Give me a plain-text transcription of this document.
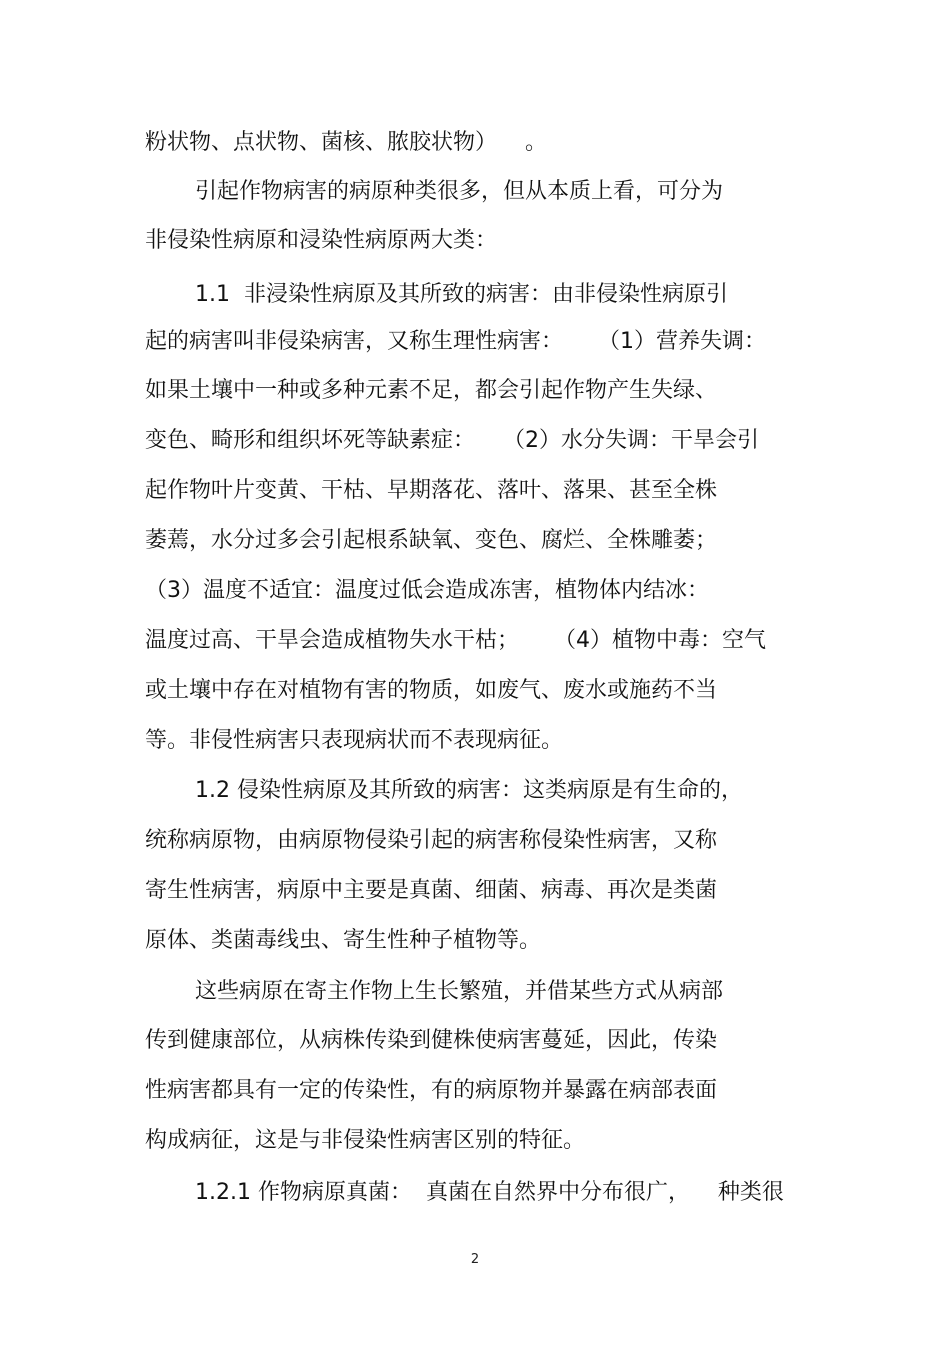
粉状物、点状物、菌核、脓胶状物）    。
引起作物病害的病原种类很多，但从本质上看，可分为
非侵染性病原和浸染性病原两大类：
1.1  非浸染性病原及其所致的病害：由非侵染性病原引
起的病害叫非侵染病害，又称生理性病害：     （1）营养失调：
如果土壤中一种或多种元素不足，都会引起作物产生失绿、
变色、畸形和组织坏死等缺素症：    （2）水分失调：干旱会引
起作物叶片变黄、干枯、早期落花、落叶、落果、甚至全株
萎蔫，水分过多会引起根系缺氧、变色、腐烂、全株雕萎；
（3）温度不适宜：温度过低会造成冻害，植物体内结冰：
温度过高、干旱会造成植物失水干枯；     （4）植物中毒：空气
或土壤中存在对植物有害的物质，如废气、废水或施药不当
等。非侵性病害只表现病状而不表现病征。
1.2 侵染性病原及其所致的病害：这类病原是有生命的，
统称病原物，由病原物侵染引起的病害称侵染性病害，又称
寄生性病害，病原中主要是真菌、细菌、病毒、再次是类菌
原体、类菌毒线虫、寄生性种子植物等。
这些病原在寄主作物上生长繁殖，并借某些方式从病部
传到健康部位，从病株传染到健株使病害蔓延，因此，传染
性病害都具有一定的传染性，有的病原物并暴露在病部表面
构成病征，这是与非侵染性病害区别的特征。
1.2.1 作物病原真菌：  真菌在自然界中分布很广，    种类很
2
